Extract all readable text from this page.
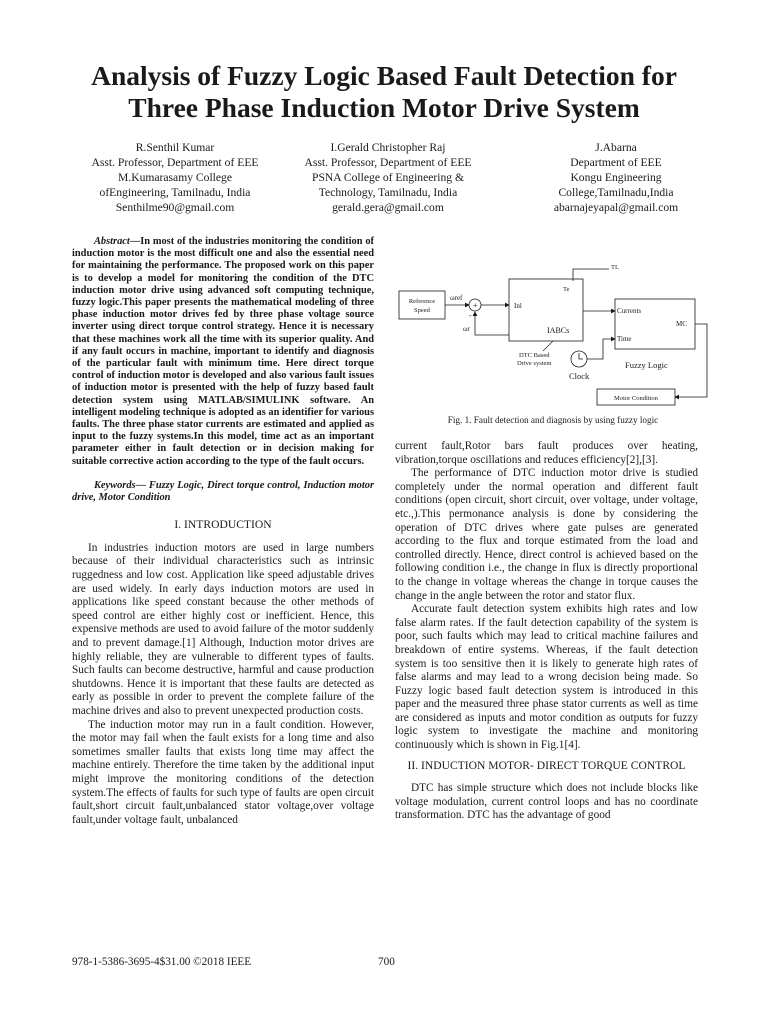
Analysis of Fuzzy Logic Based Fault Detection for
Three Phase Induction Motor Drive System
R.Senthil Kumar
Asst. Professor, Department of EEE
M.Kumarasamy College
ofEngineering, Tamilnadu, India
Senthilme90@gmail.com
I.Gerald Christopher Raj
Asst. Professor, Department of EEE
PSNA College of Engineering &
Technology, Tamilnadu, India
gerald.gera@gmail.com
J.Abarna
Department of EEE
Kongu Engineering
College,Tamilnadu,India
abarnajeyapal@gmail.com

Abstract—In most of the industries monitoring the condition of induction motor is the most difficult one and also the essential need for maintaining the performance. The proposed work on this paper is to develop a model for monitoring the condition of the DTC induction motor drive using advanced soft computing technique, fuzzy logic.This paper presents the mathematical modeling of three phase induction motor drives fed by three phase voltage source inverter using direct torque control strategy. Hence it is necessary that these machines work all the time with its superior quality. And if any fault occurs in machine, important to identify and diagnosis of the particular fault with minimum time. Here direct torque control of induction motor is developed and also various fault issues of induction motor is presented with the help of fuzzy based fault detection system using MATLAB/SIMULINK software. An intelligent modeling technique is adopted as an identifier for various faults. The three phase stator currents are estimated and applied as input to the fuzzy systems.In this model, time act as an important parameter either in fault detection or in decision making for suitable corrective action according to the type of the fault occurs.

Keywords— Fuzzy Logic, Direct torque control, Induction motor drive, Motor Condition

I. INTRODUCTION

In industries induction motors are used in large numbers because of their individual characteristics such as intrinsic ruggedness and low cost. Application like speed adjustable drives are used widely. In early days induction motors are used in applications like speed constant because the other methods of speed control are either highly cost or inefficient. Hence, this expensive methods are used to avoid failure of the motor suddenly and to prevent damage.[1] Although, Induction motor drives are highly reliable, they are vulnerable to different types of faults. Such faults can become destructive, harmful and cause production shutdowns. Hence it is important that these faults are detected as early as possible in order to prevent the complete failure of the machine drives and also to prevent unexpected production costs.

The induction motor may run in a fault condition. However, the motor may fail when the fault exists for a long time and also sometimes smaller faults that exists long time may affect the machine entirely. Therefore the time taken by the additional input might improve the monitoring conditions of the detection system.The effects of faults for such type of faults are open circuit fault,short circuit fault,unbalanced stator voltage,over voltage fault,under voltage fault, unbalanced

Reference
Speed
ωref
+
-
ωr
Inl
IABCs
Te
TL
DTC Based
Drive system
Clock
Currents
Time
MC
Fuzzy Logic
Motor Condition
Fig. 1. Fault detection and diagnosis by using fuzzy logic

current fault,Rotor bars fault produces over heating, vibration,torque oscillations and reduces efficiency[2],[3].

The performance of DTC induction motor drive is studied completely under the normal operation and different fault conditions (open circuit, short circuit, over voltage, under voltage, etc.,).This permonance analysis is done by considering the operation of DTC drives where gate pulses are generated according to the flux and torque estimated from the load and controlled directly. Hence, direct control is achieved based on the following condition i.e., the change in flux is directly proportional to the change in voltage whereas the change in torque causes the change in the angle between the rotor and stator flux.

Accurate fault detection system exhibits high rates and low false alarm rates. If the fault detection capability of the system is poor, such faults which may lead to critical machine failures and breakdown of entire systems. Whereas, if the fault detection system is too sensitive then it is likely to generate high rates of false alarms and may lead to a wrong decision being made. So Fuzzy logic based fault detection system is introduced in this paper and the measured three phase stator currents as well as time are considered as inputs and motor condition as outputs for fuzzy logic system to investigate the machine and monitoring continuously which is shown in Fig.1[4].

II. INDUCTION MOTOR- DIRECT TORQUE CONTROL

DTC has simple structure which does not include blocks like voltage modulation, current control loops and has no coordinate transformation. DTC has the advantage of good

978-1-5386-3695-4$31.00 ©2018 IEEE	700
